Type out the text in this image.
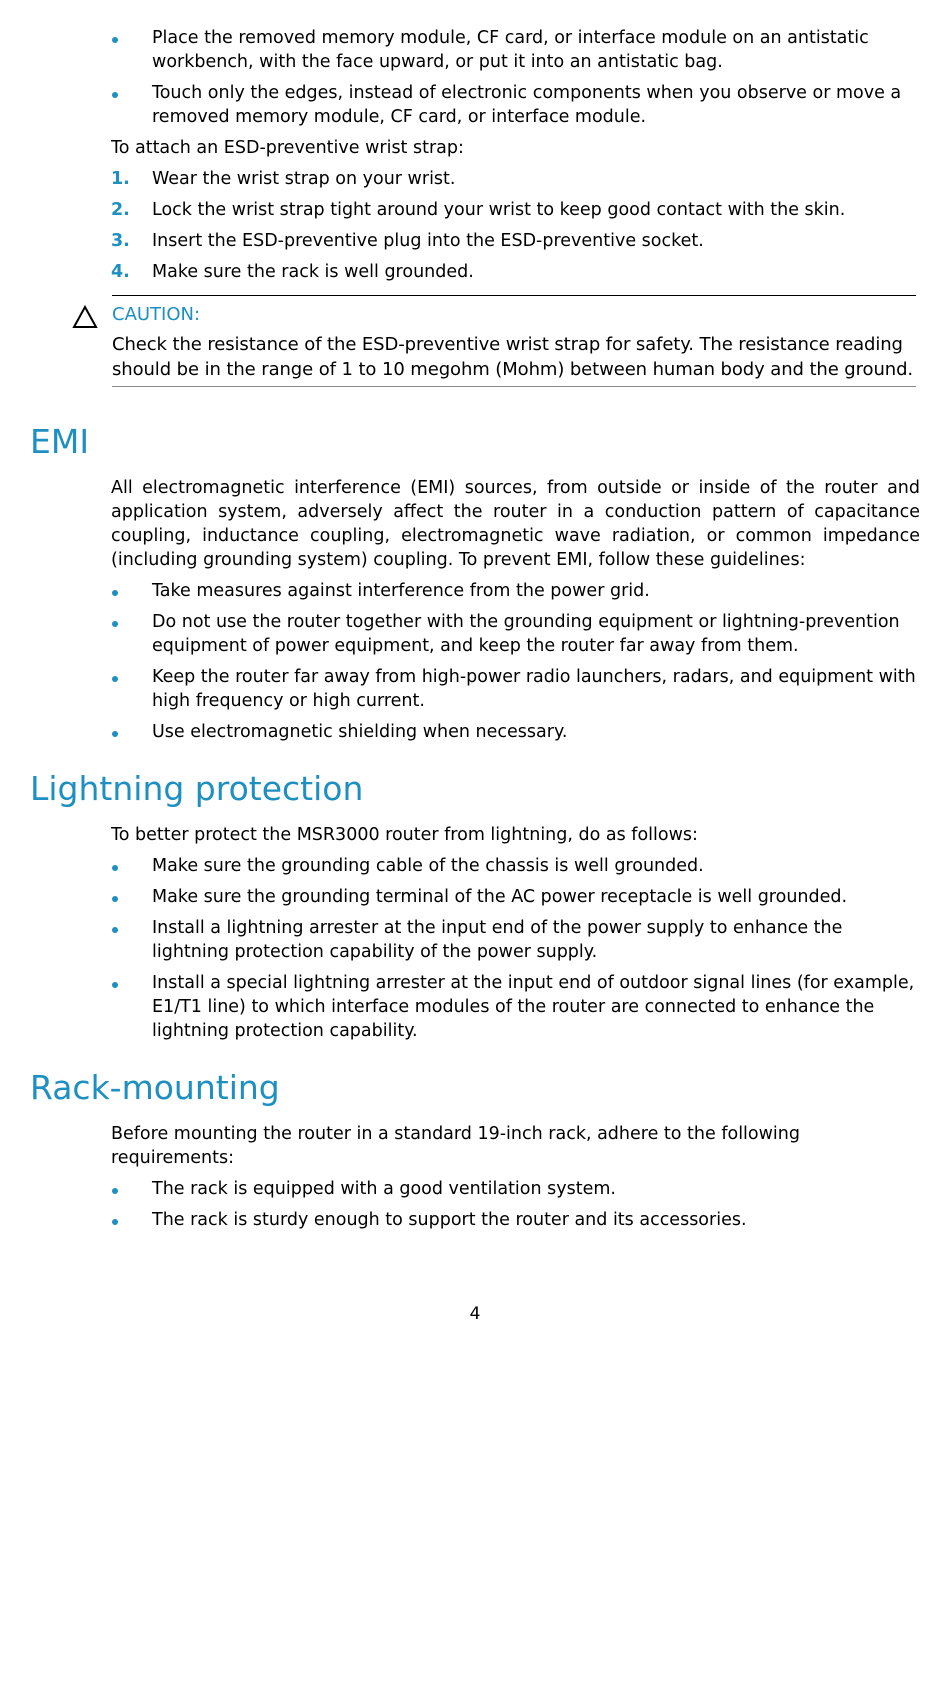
Place the removed memory module, CF card, or interface module on an antistatic workbench, with the face upward, or put it into an antistatic bag.
Touch only the edges, instead of electronic components when you observe or move a removed memory module, CF card, or interface module.

To attach an ESD-preventive wrist strap:

1. Wear the wrist strap on your wrist.
2. Lock the wrist strap tight around your wrist to keep good contact with the skin.
3. Insert the ESD-preventive plug into the ESD-preventive socket.
4. Make sure the rack is well grounded.
CAUTION:
Check the resistance of the ESD-preventive wrist strap for safety. The resistance reading should be in the range of 1 to 10 megohm (Mohm) between human body and the ground.
EMI

All electromagnetic interference (EMI) sources, from outside or inside of the router and application system, adversely affect the router in a conduction pattern of capacitance coupling, inductance coupling, electromagnetic wave radiation, or common impedance (including grounding system) coupling. To prevent EMI, follow these guidelines:

Take measures against interference from the power grid.
Do not use the router together with the grounding equipment or lightning-prevention equipment of power equipment, and keep the router far away from them.
Keep the router far away from high-power radio launchers, radars, and equipment with high frequency or high current.
Use electromagnetic shielding when necessary.
Lightning protection

To better protect the MSR3000 router from lightning, do as follows:

Make sure the grounding cable of the chassis is well grounded.
Make sure the grounding terminal of the AC power receptacle is well grounded.
Install a lightning arrester at the input end of the power supply to enhance the lightning protection capability of the power supply.
Install a special lightning arrester at the input end of outdoor signal lines (for example, E1/T1 line) to which interface modules of the router are connected to enhance the lightning protection capability.
Rack-mounting

Before mounting the router in a standard 19-inch rack, adhere to the following requirements:

The rack is equipped with a good ventilation system.
The rack is sturdy enough to support the router and its accessories.
4
